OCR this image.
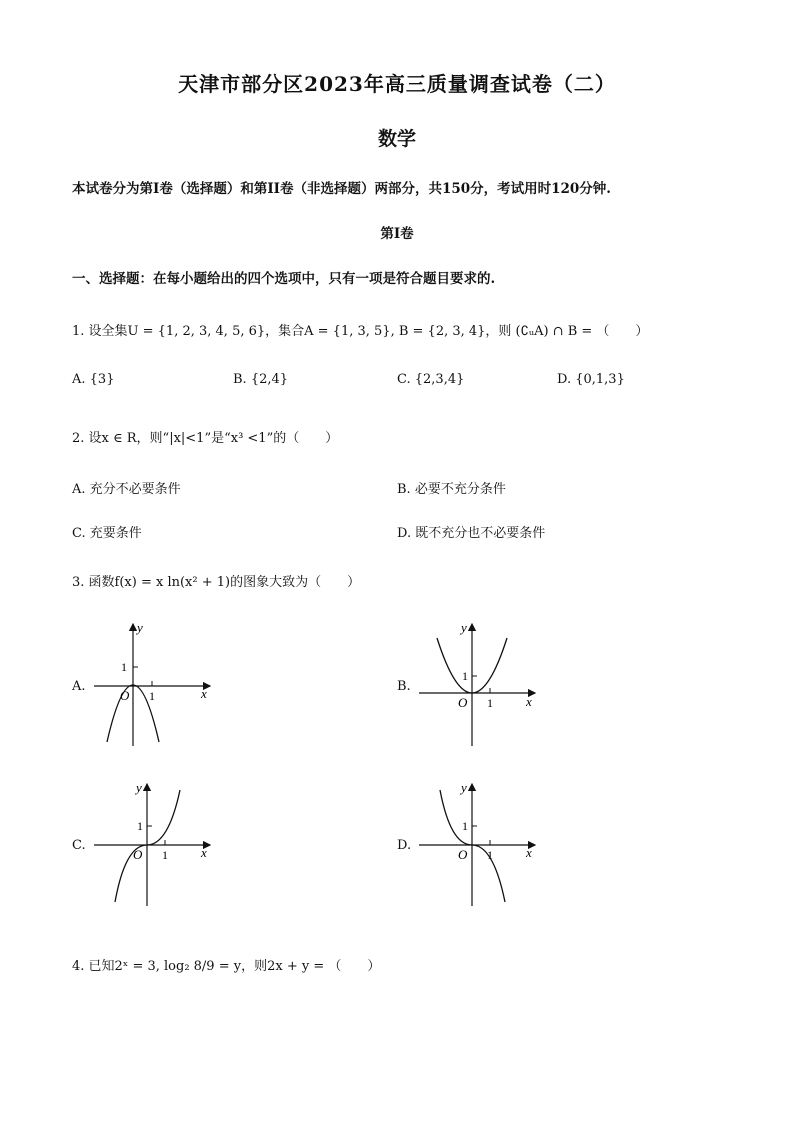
天津市部分区2023年高三质量调查试卷（二）
数学
本试卷分为第I卷（选择题）和第II卷（非选择题）两部分，共150分，考试用时120分钟.
第I卷
一、选择题：在每小题给出的四个选项中，只有一项是符合题目要求的.
1. 设全集U = {1, 2, 3, 4, 5, 6}，集合A = {1, 3, 5}, B = {2, 3, 4}，则 (∁ᵤA) ∩ B = （　　）
A. {3}	B. {2,4}	C. {2,3,4}	D. {0,1,3}
2. 设x ∈ R，则“|x|<1”是“x³ <1”的（　　）
A. 充分不必要条件	B. 必要不充分条件
C. 充要条件	D. 既不充分也不必要条件
3. 函数f(x) = x ln(x² + 1)的图象大致为（　　）
A.	B.
C.	D.
y
x
O
1
1
y
x
O
1
1
y
x
O
1
1
y
x
O
1
1
4. 已知2ˣ = 3, log₂ 8/9 = y，则2x + y = （　　）
